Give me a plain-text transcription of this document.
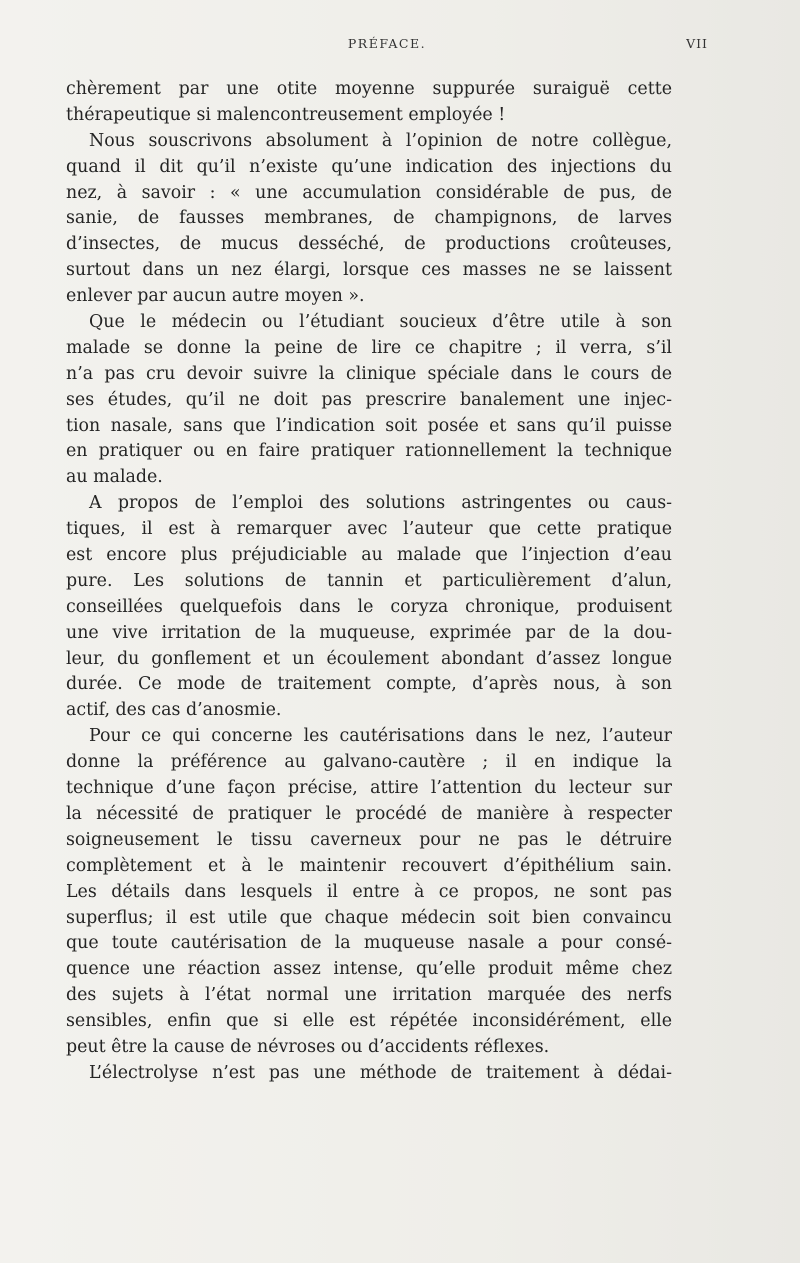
PRÉFACE.	VII
chèrement par une otite moyenne suppurée suraiguë cette
thérapeutique si malencontreusement employée !
Nous souscrivons absolument à l’opinion de notre collègue,
quand il dit qu’il n’existe qu’une indication des injections du
nez, à savoir : « une accumulation considérable de pus, de
sanie, de fausses membranes, de champignons, de larves
d’insectes, de mucus desséché, de productions croûteuses,
surtout dans un nez élargi, lorsque ces masses ne se laissent
enlever par aucun autre moyen ».
Que le médecin ou l’étudiant soucieux d’être utile à son
malade se donne la peine de lire ce chapitre ; il verra, s’il
n’a pas cru devoir suivre la clinique spéciale dans le cours de
ses études, qu’il ne doit pas prescrire banalement une injec-
tion nasale, sans que l’indication soit posée et sans qu’il puisse
en pratiquer ou en faire pratiquer rationnellement la technique
au malade.
A propos de l’emploi des solutions astringentes ou caus-
tiques, il est à remarquer avec l’auteur que cette pratique
est encore plus préjudiciable au malade que l’injection d’eau
pure. Les solutions de tannin et particulièrement d’alun,
conseillées quelquefois dans le coryza chronique, produisent
une vive irritation de la muqueuse, exprimée par de la dou-
leur, du gonflement et un écoulement abondant d’assez longue
durée. Ce mode de traitement compte, d’après nous, à son
actif, des cas d’anosmie.
Pour ce qui concerne les cautérisations dans le nez, l’auteur
donne la préférence au galvano-cautère ; il en indique la
technique d’une façon précise, attire l’attention du lecteur sur
la nécessité de pratiquer le procédé de manière à respecter
soigneusement le tissu caverneux pour ne pas le détruire
complètement et à le maintenir recouvert d’épithélium sain.
Les détails dans lesquels il entre à ce propos, ne sont pas
superflus; il est utile que chaque médecin soit bien convaincu
que toute cautérisation de la muqueuse nasale a pour consé-
quence une réaction assez intense, qu’elle produit même chez
des sujets à l’état normal une irritation marquée des nerfs
sensibles, enfin que si elle est répétée inconsidérément, elle
peut être la cause de névroses ou d’accidents réflexes.
L’électrolyse n’est pas une méthode de traitement à dédai-
